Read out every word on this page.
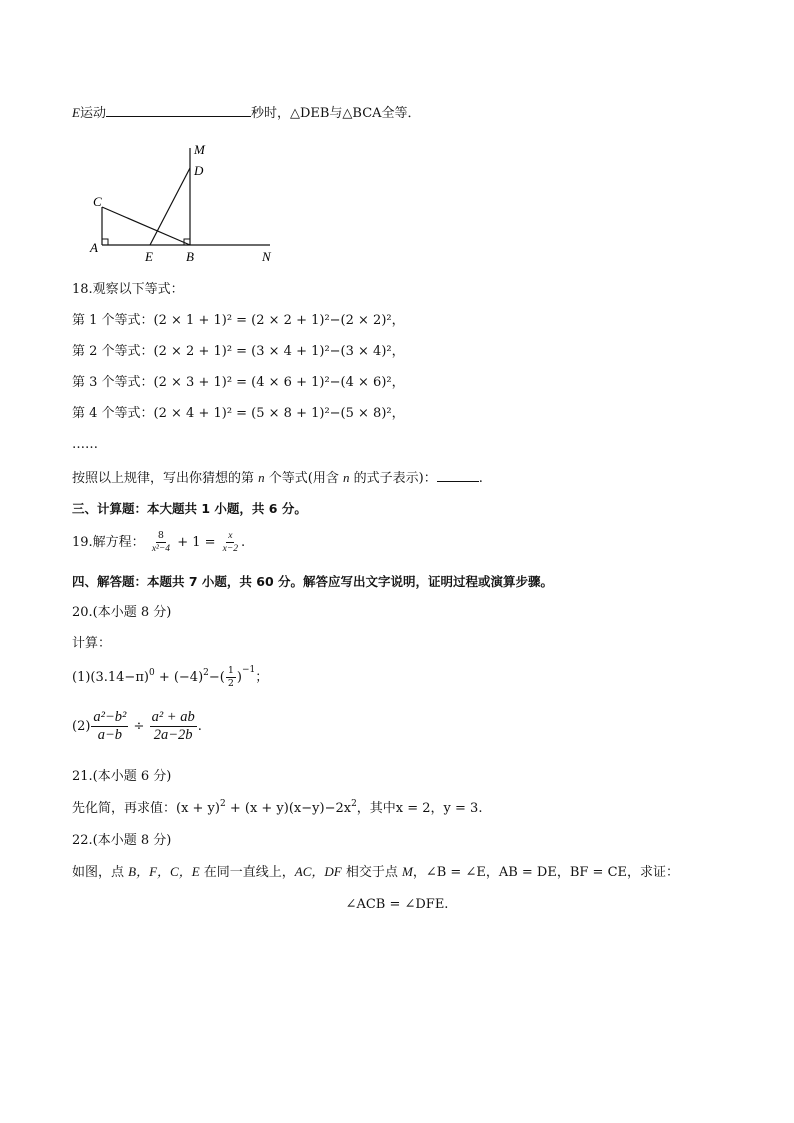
E运动	秒时，△DEB与△BCA全等．
M
D
C
A
E	B	N
18.观察以下等式：
第 1 个等式：(2 × 1 + 1)² = (2 × 2 + 1)²−(2 × 2)²，
第 2 个等式：(2 × 2 + 1)² = (3 × 4 + 1)²−(3 × 4)²，
第 3 个等式：(2 × 3 + 1)² = (4 × 6 + 1)²−(4 × 6)²，
第 4 个等式：(2 × 4 + 1)² = (5 × 8 + 1)²−(5 × 8)²，
……
按照以上规律，写出你猜想的第 n 个等式(用含 n 的式子表示)：	.
三、计算题：本大题共 1 小题，共 6 分。
19.解方程： $\frac{8}{\text{x²−4}} + 1 = \frac{x}{x-2}$ .
四、解答题：本题共 7 小题，共 60 分。解答应写出文字说明，证明过程或演算步骤。
20.(本小题 8 分)
计算：
$(1)(3.14-\pi)^0 + (-4)^2-( \frac{1}{2} )^{-1}$；
$(2) \frac{\text{a²−b²}}{a-b} \div \frac{\text{a² + ab}}{2a-2b}$ .
21.(本小题 6 分)
先化简，再求值：$(x + y)^2 + (x + y)(x-y)-2x^2$，其中x = 2，y = 3.
22.(本小题 8 分)
如图，点 B，F，C，E 在同一直线上，AC，DF 相交于点 M，∠B = ∠E，AB = DE，BF = CE，求证：
∠ACB = ∠DFE.
